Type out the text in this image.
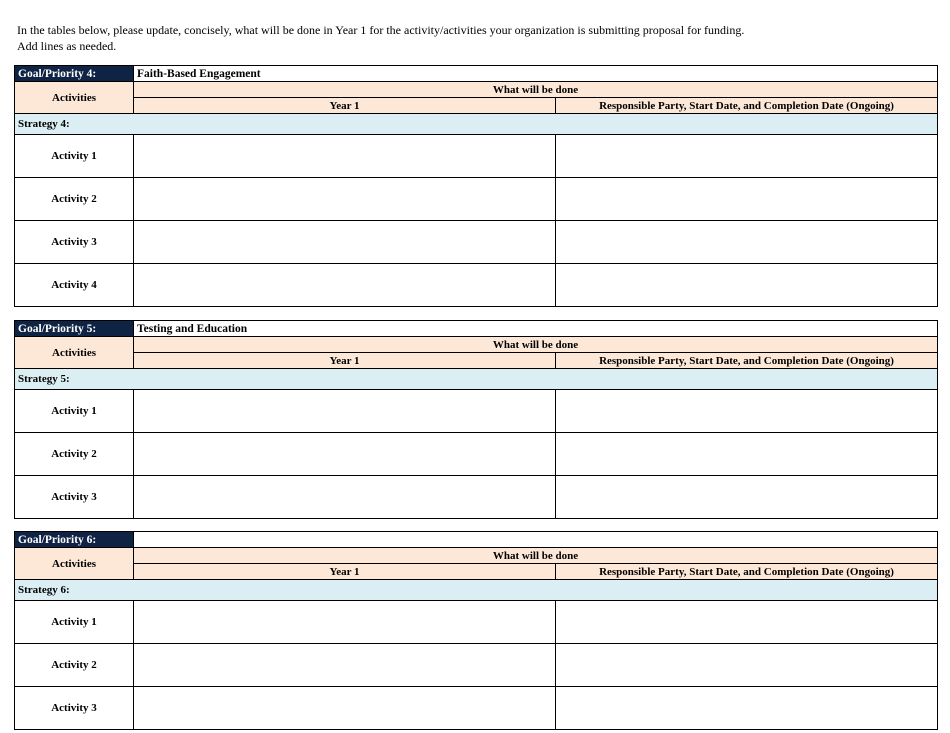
In the tables below, please update, concisely, what will be done in Year 1 for the activity/activities your organization is submitting proposal for funding.
Add lines as needed.
Goal/Priority 4:	Faith-Based Engagement	
Activities	What will be done	
	Year 1	Responsible Party, Start Date, and Completion Date (Ongoing)
Strategy 4:		
Activity 1		
Activity 2		
Activity 3		
Activity 4		
Goal/Priority 5:	Testing and Education	
Activities	What will be done	
	Year 1	Responsible Party, Start Date, and Completion Date (Ongoing)
Strategy 5:		
Activity 1		
Activity 2		
Activity 3		
Goal/Priority 6:		
Activities	What will be done	
	Year 1	Responsible Party, Start Date, and Completion Date (Ongoing)
Strategy 6:		
Activity 1		
Activity 2		
Activity 3		
